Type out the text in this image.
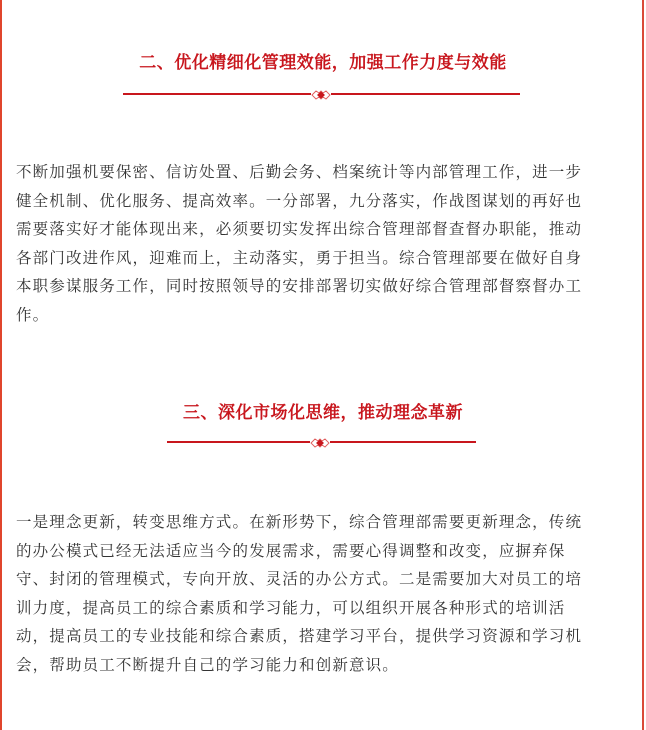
二、优化精细化管理效能，加强工作力度与效能
不断加强机要保密、信访处置、后勤会务、档案统计等内部管理工作，进一步
健全机制、优化服务、提高效率。一分部署，九分落实，作战图谋划的再好也
需要落实好才能体现出来，必须要切实发挥出综合管理部督查督办职能，推动
各部门改进作风，迎难而上，主动落实，勇于担当。综合管理部要在做好自身
本职参谋服务工作，同时按照领导的安排部署切实做好综合管理部督察督办工
作。
三、深化市场化思维，推动理念革新
一是理念更新，转变思维方式。在新形势下，综合管理部需要更新理念，传统
的办公模式已经无法适应当今的发展需求，需要心得调整和改变，应摒弃保
守、封闭的管理模式，专向开放、灵活的办公方式。二是需要加大对员工的培
训力度，提高员工的综合素质和学习能力，可以组织开展各种形式的培训活
动，提高员工的专业技能和综合素质，搭建学习平台，提供学习资源和学习机
会，帮助员工不断提升自己的学习能力和创新意识。
